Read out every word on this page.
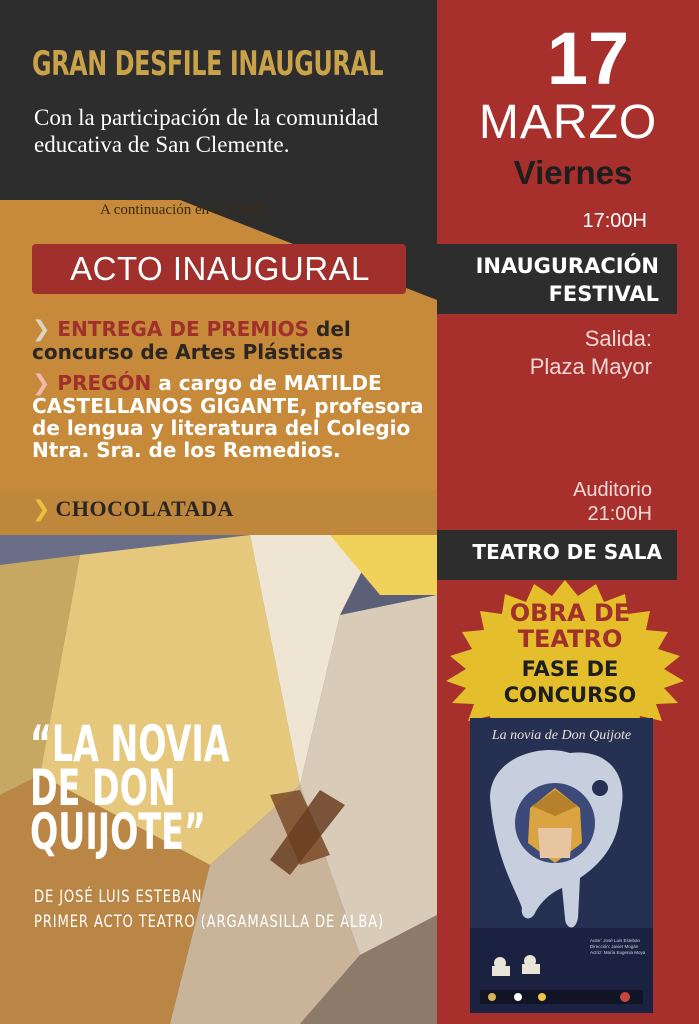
GRAN DESFILE INAUGURAL
Con la participación de la comunidad educativa de San Clemente.
A continuación en el EMPE...
ACTO INAUGURAL
❯ ENTREGA DE PREMIOS del concurso de Artes Plásticas
❯ PREGÓN a cargo de MATILDE CASTELLANOS GIGANTE, profesora de lengua y literatura del Colegio Ntra. Sra. de los Remedios.
❯ CHOCOLATADA
“LA NOVIA
DE DON
QUIJOTE”
DE JOSÉ LUIS ESTEBAN
PRIMER ACTO TEATRO (ARGAMASILLA DE ALBA)
17
MARZO
Viernes
17:00H
INAUGURACIÓN
FESTIVAL
Salida:
Plaza Mayor
Auditorio
21:00H
TEATRO DE SALA
OBRA DE
TEATRO
FASE DE
CONCURSO
La novia de Don Quijote
Autor: José Luis Esteban
Dirección: Javier Mogán
Actriz: María Eugenia Moya
